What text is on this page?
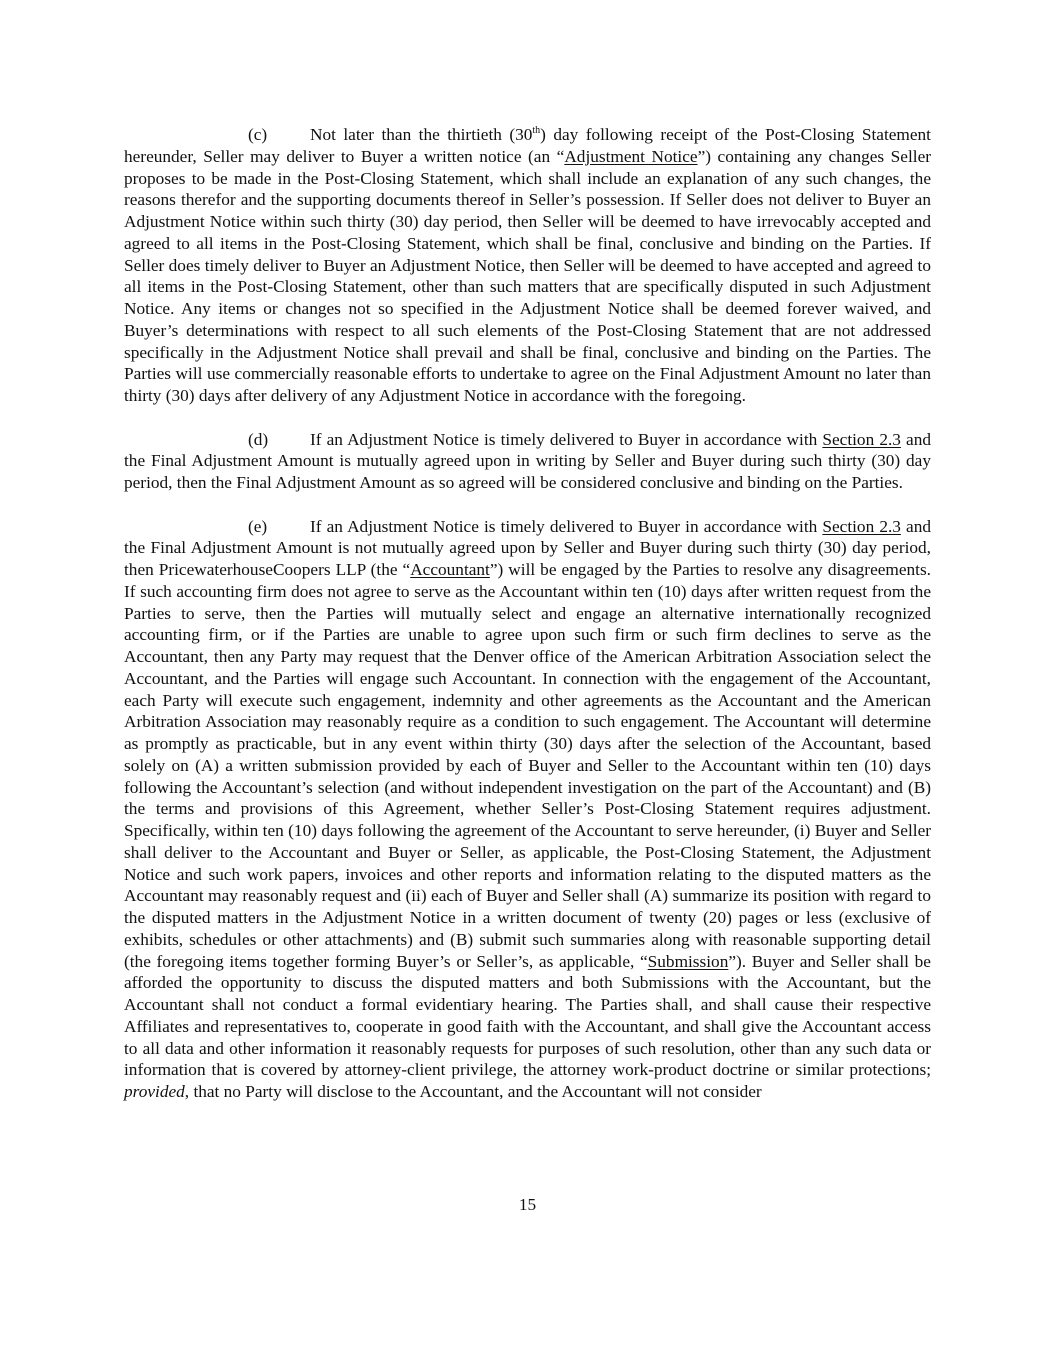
(c) Not later than the thirtieth (30th) day following receipt of the Post-Closing Statement hereunder, Seller may deliver to Buyer a written notice (an “Adjustment Notice”) containing any changes Seller proposes to be made in the Post-Closing Statement, which shall include an explanation of any such changes, the reasons therefor and the supporting documents thereof in Seller’s possession. If Seller does not deliver to Buyer an Adjustment Notice within such thirty (30) day period, then Seller will be deemed to have irrevocably accepted and agreed to all items in the Post-Closing Statement, which shall be final, conclusive and binding on the Parties. If Seller does timely deliver to Buyer an Adjustment Notice, then Seller will be deemed to have accepted and agreed to all items in the Post-Closing Statement, other than such matters that are specifically disputed in such Adjustment Notice. Any items or changes not so specified in the Adjustment Notice shall be deemed forever waived, and Buyer’s determinations with respect to all such elements of the Post-Closing Statement that are not addressed specifically in the Adjustment Notice shall prevail and shall be final, conclusive and binding on the Parties. The Parties will use commercially reasonable efforts to undertake to agree on the Final Adjustment Amount no later than thirty (30) days after delivery of any Adjustment Notice in accordance with the foregoing.

(d) If an Adjustment Notice is timely delivered to Buyer in accordance with Section 2.3 and the Final Adjustment Amount is mutually agreed upon in writing by Seller and Buyer during such thirty (30) day period, then the Final Adjustment Amount as so agreed will be considered conclusive and binding on the Parties.

(e) If an Adjustment Notice is timely delivered to Buyer in accordance with Section 2.3 and the Final Adjustment Amount is not mutually agreed upon by Seller and Buyer during such thirty (30) day period, then PricewaterhouseCoopers LLP (the “Accountant”) will be engaged by the Parties to resolve any disagreements. If such accounting firm does not agree to serve as the Accountant within ten (10) days after written request from the Parties to serve, then the Parties will mutually select and engage an alternative internationally recognized accounting firm, or if the Parties are unable to agree upon such firm or such firm declines to serve as the Accountant, then any Party may request that the Denver office of the American Arbitration Association select the Accountant, and the Parties will engage such Accountant. In connection with the engagement of the Accountant, each Party will execute such engagement, indemnity and other agreements as the Accountant and the American Arbitration Association may reasonably require as a condition to such engagement. The Accountant will determine as promptly as practicable, but in any event within thirty (30) days after the selection of the Accountant, based solely on (A) a written submission provided by each of Buyer and Seller to the Accountant within ten (10) days following the Accountant’s selection (and without independent investigation on the part of the Accountant) and (B) the terms and provisions of this Agreement, whether Seller’s Post-Closing Statement requires adjustment. Specifically, within ten (10) days following the agreement of the Accountant to serve hereunder, (i) Buyer and Seller shall deliver to the Accountant and Buyer or Seller, as applicable, the Post-Closing Statement, the Adjustment Notice and such work papers, invoices and other reports and information relating to the disputed matters as the Accountant may reasonably request and (ii) each of Buyer and Seller shall (A) summarize its position with regard to the disputed matters in the Adjustment Notice in a written document of twenty (20) pages or less (exclusive of exhibits, schedules or other attachments) and (B) submit such summaries along with reasonable supporting detail (the foregoing items together forming Buyer’s or Seller’s, as applicable, “Submission”). Buyer and Seller shall be afforded the opportunity to discuss the disputed matters and both Submissions with the Accountant, but the Accountant shall not conduct a formal evidentiary hearing. The Parties shall, and shall cause their respective Affiliates and representatives to, cooperate in good faith with the Accountant, and shall give the Accountant access to all data and other information it reasonably requests for purposes of such resolution, other than any such data or information that is covered by attorney-client privilege, the attorney work-product doctrine or similar protections; provided, that no Party will disclose to the Accountant, and the Accountant will not consider

15
